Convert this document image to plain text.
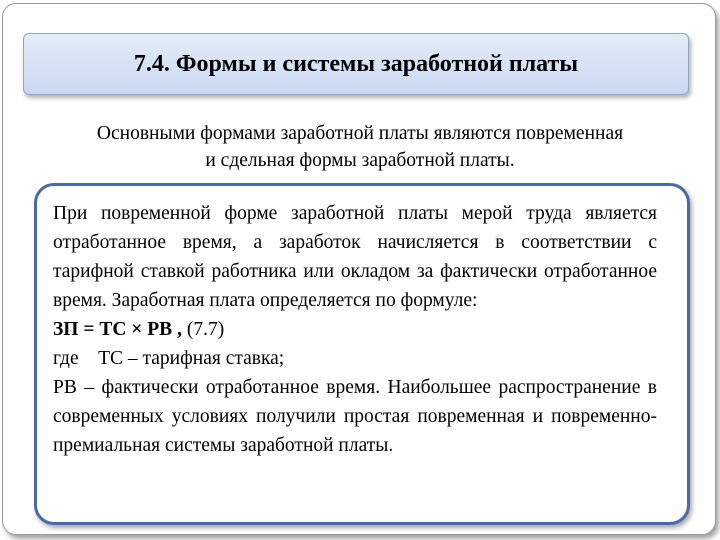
7.4. Формы и системы заработной платы
Основными формами заработной платы являются повременная
и сдельная формы заработной платы.

При повременной форме заработной платы мерой труда является отработанное время, а заработок начисляется в соответствии с тарифной ставкой работника или окладом за фактически отработанное время. Заработная плата определяется по формуле:

ЗП = ТС × РВ , (7.7)

где    ТС – тарифная ставка;

РВ – фактически отработанное время. Наибольшее распространение в современных условиях получили простая повременная и повременно-премиальная системы заработной платы.
